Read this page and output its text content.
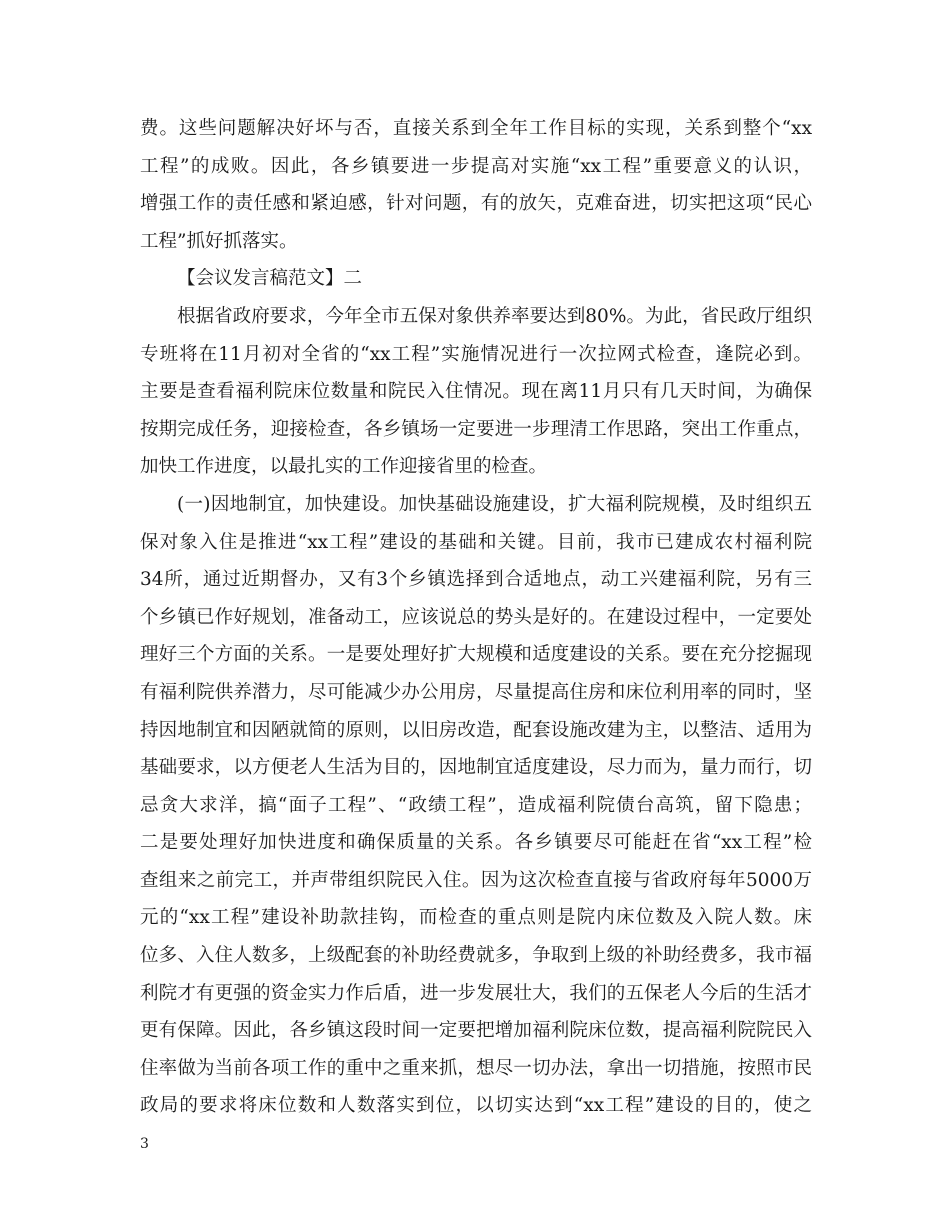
费。这些问题解决好坏与否，直接关系到全年工作目标的实现，关系到整个“xx
工程”的成败。因此，各乡镇要进一步提高对实施“xx工程”重要意义的认识，
增强工作的责任感和紧迫感，针对问题，有的放矢，克难奋进，切实把这项“民心
工程”抓好抓落实。
【会议发言稿范文】二
根据省政府要求，今年全市五保对象供养率要达到80%。为此，省民政厅组织
专班将在11月初对全省的“xx工程”实施情况进行一次拉网式检查，逢院必到。
主要是查看福利院床位数量和院民入住情况。现在离11月只有几天时间，为确保
按期完成任务，迎接检查，各乡镇场一定要进一步理清工作思路，突出工作重点，
加快工作进度，以最扎实的工作迎接省里的检查。
(一)因地制宜，加快建设。加快基础设施建设，扩大福利院规模，及时组织五
保对象入住是推进“xx工程”建设的基础和关键。目前，我市已建成农村福利院
34所，通过近期督办，又有3个乡镇选择到合适地点，动工兴建福利院，另有三
个乡镇已作好规划，准备动工，应该说总的势头是好的。在建设过程中，一定要处
理好三个方面的关系。一是要处理好扩大规模和适度建设的关系。要在充分挖掘现
有福利院供养潜力，尽可能减少办公用房，尽量提高住房和床位利用率的同时，坚
持因地制宜和因陋就简的原则，以旧房改造，配套设施改建为主，以整洁、适用为
基础要求，以方便老人生活为目的，因地制宜适度建设，尽力而为，量力而行，切
忌贪大求洋，搞“面子工程”、“政绩工程”，造成福利院债台高筑，留下隐患；
二是要处理好加快进度和确保质量的关系。各乡镇要尽可能赶在省“xx工程”检
查组来之前完工，并声带组织院民入住。因为这次检查直接与省政府每年5000万
元的“xx工程”建设补助款挂钩，而检查的重点则是院内床位数及入院人数。床
位多、入住人数多，上级配套的补助经费就多，争取到上级的补助经费多，我市福
利院才有更强的资金实力作后盾，进一步发展壮大，我们的五保老人今后的生活才
更有保障。因此，各乡镇这段时间一定要把增加福利院床位数，提高福利院院民入
住率做为当前各项工作的重中之重来抓，想尽一切办法，拿出一切措施，按照市民
政局的要求将床位数和人数落实到位，以切实达到“xx工程”建设的目的，使之
3
